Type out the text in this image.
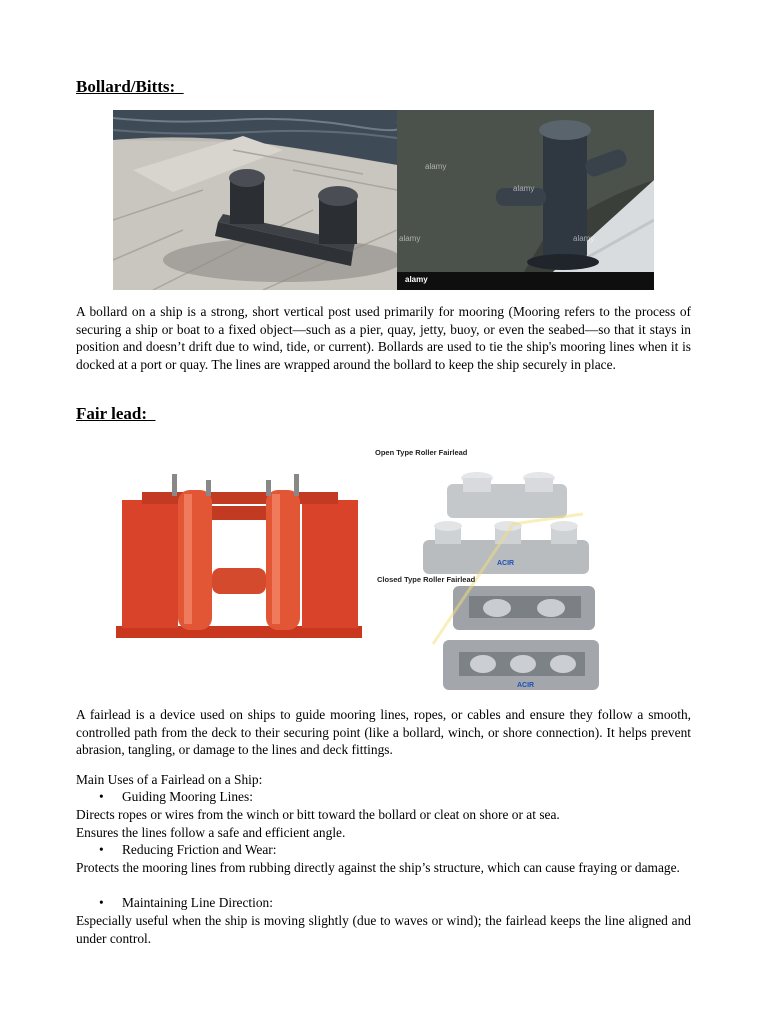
Bollard/Bitts:
alamy
alamy
alamy	alamy
alamy

A bollard on a ship is a strong, short vertical post used primarily for mooring (Mooring refers to the process of securing a ship or boat to a fixed object—such as a pier, quay, jetty, buoy, or even the seabed—so that it stays in position and doesn’t drift due to wind, tide, or current). Bollards are used to tie the ship's mooring lines when it is docked at a port or quay. The lines are wrapped around the bollard to keep the ship securely in place.

Fair lead:
Open Type Roller Fairlead
Closed Type Roller Fairlead
ACIR
ACIR

A fairlead is a device used on ships to guide mooring lines, ropes, or cables and ensure they follow a smooth, controlled path from the deck to their securing point (like a bollard, winch, or shore connection). It helps prevent abrasion, tangling, or damage to the lines and deck fittings.

Main Uses of a Fairlead on a Ship:
• Guiding Mooring Lines:
Directs ropes or wires from the winch or bitt toward the bollard or cleat on shore or at sea.
Ensures the lines follow a safe and efficient angle.
• Reducing Friction and Wear:

Protects the mooring lines from rubbing directly against the ship’s structure, which can cause fraying or damage.

• Maintaining Line Direction:

Especially useful when the ship is moving slightly (due to waves or wind); the fairlead keeps the line aligned and under control.
